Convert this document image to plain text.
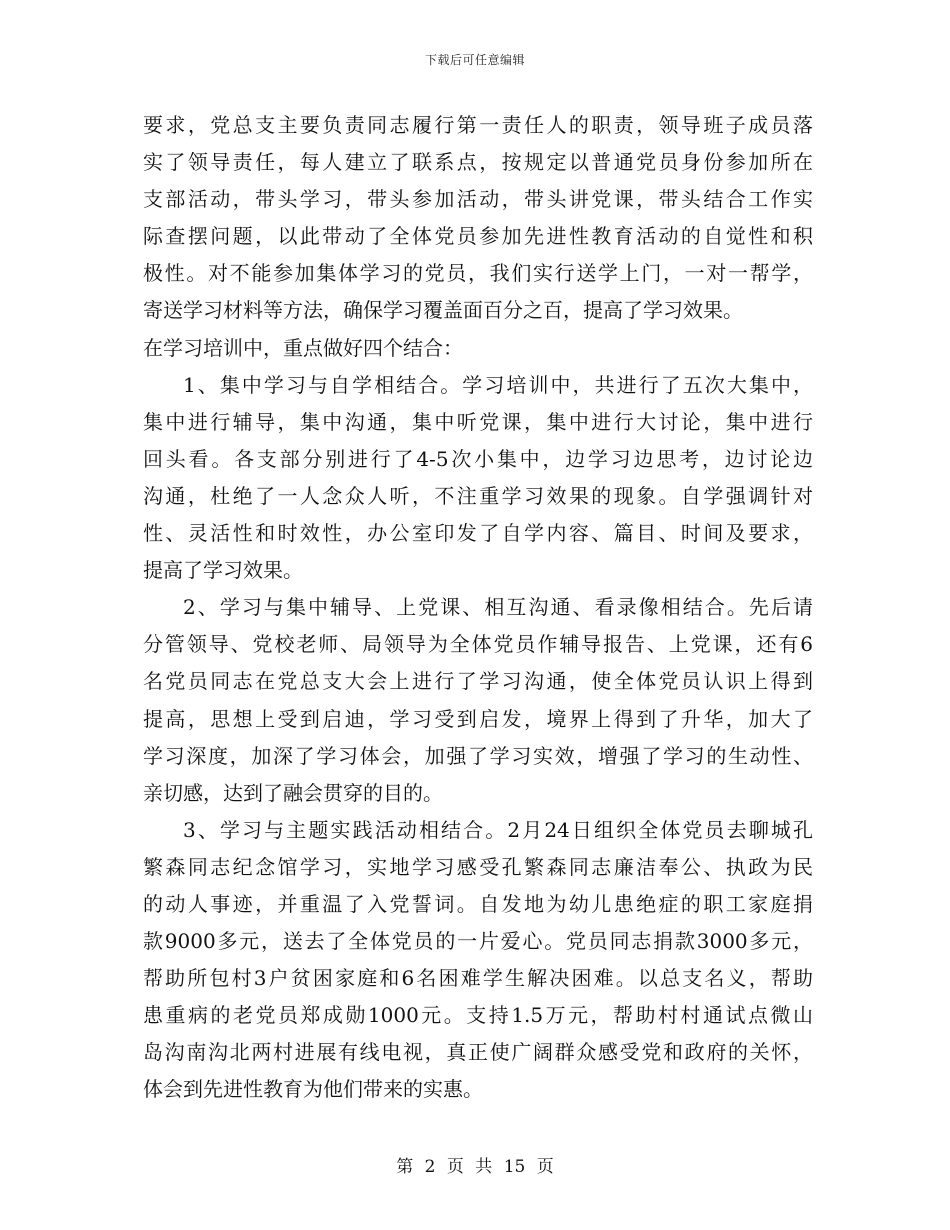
下载后可任意编辑
要求，党总支主要负责同志履行第一责任人的职责，领导班子成员落
实了领导责任，每人建立了联系点，按规定以普通党员身份参加所在
支部活动，带头学习，带头参加活动，带头讲党课，带头结合工作实
际查摆问题，以此带动了全体党员参加先进性教育活动的自觉性和积
极性。对不能参加集体学习的党员，我们实行送学上门，一对一帮学，
寄送学习材料等方法，确保学习覆盖面百分之百，提高了学习效果。
在学习培训中，重点做好四个结合：
1、集中学习与自学相结合。学习培训中，共进行了五次大集中，
集中进行辅导，集中沟通，集中听党课，集中进行大讨论，集中进行
回头看。各支部分别进行了4-5次小集中，边学习边思考，边讨论边
沟通，杜绝了一人念众人听，不注重学习效果的现象。自学强调针对
性、灵活性和时效性，办公室印发了自学内容、篇目、时间及要求，
提高了学习效果。
2、学习与集中辅导、上党课、相互沟通、看录像相结合。先后请
分管领导、党校老师、局领导为全体党员作辅导报告、上党课，还有6
名党员同志在党总支大会上进行了学习沟通，使全体党员认识上得到
提高，思想上受到启迪，学习受到启发，境界上得到了升华，加大了
学习深度，加深了学习体会，加强了学习实效，增强了学习的生动性、
亲切感，达到了融会贯穿的目的。
3、学习与主题实践活动相结合。2月24日组织全体党员去聊城孔
繁森同志纪念馆学习，实地学习感受孔繁森同志廉洁奉公、执政为民
的动人事迹，并重温了入党誓词。自发地为幼儿患绝症的职工家庭捐
款9000多元，送去了全体党员的一片爱心。党员同志捐款3000多元，
帮助所包村3户贫困家庭和6名困难学生解决困难。以总支名义，帮助
患重病的老党员郑成勋1000元。支持1.5万元，帮助村村通试点微山
岛沟南沟北两村进展有线电视，真正使广阔群众感受党和政府的关怀，
体会到先进性教育为他们带来的实惠。
第 2 页 共 15 页
